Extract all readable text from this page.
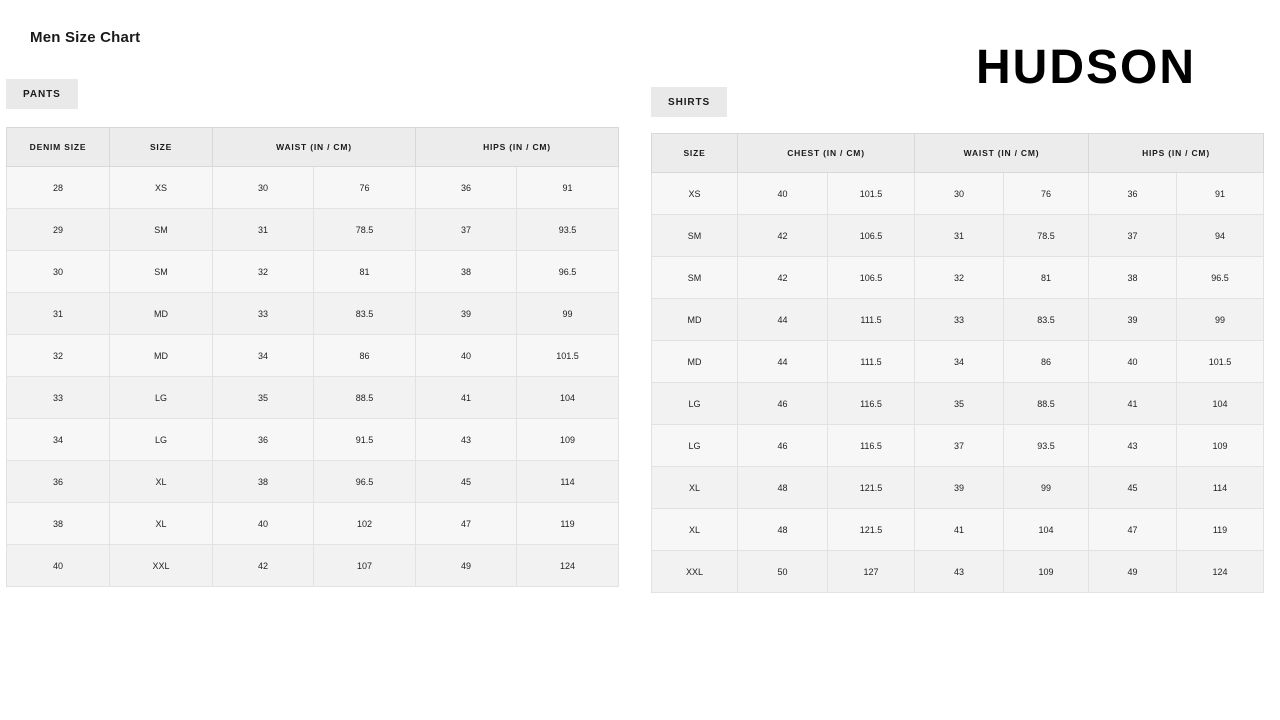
Men Size Chart
HUDSON
PANTS
DENIM SIZE	SIZE	WAIST (IN / CM)		HIPS (IN / CM)	
28	XS	30	76	36	91
29	SM	31	78.5	37	93.5
30	SM	32	81	38	96.5
31	MD	33	83.5	39	99
32	MD	34	86	40	101.5
33	LG	35	88.5	41	104
34	LG	36	91.5	43	109
36	XL	38	96.5	45	114
38	XL	40	102	47	119
40	XXL	42	107	49	124
SHIRTS
SIZE	CHEST (IN / CM)		WAIST (IN / CM)		HIPS (IN / CM)	
XS	40	101.5	30	76	36	91
SM	42	106.5	31	78.5	37	94
SM	42	106.5	32	81	38	96.5
MD	44	111.5	33	83.5	39	99
MD	44	111.5	34	86	40	101.5
LG	46	116.5	35	88.5	41	104
LG	46	116.5	37	93.5	43	109
XL	48	121.5	39	99	45	114
XL	48	121.5	41	104	47	119
XXL	50	127	43	109	49	124
